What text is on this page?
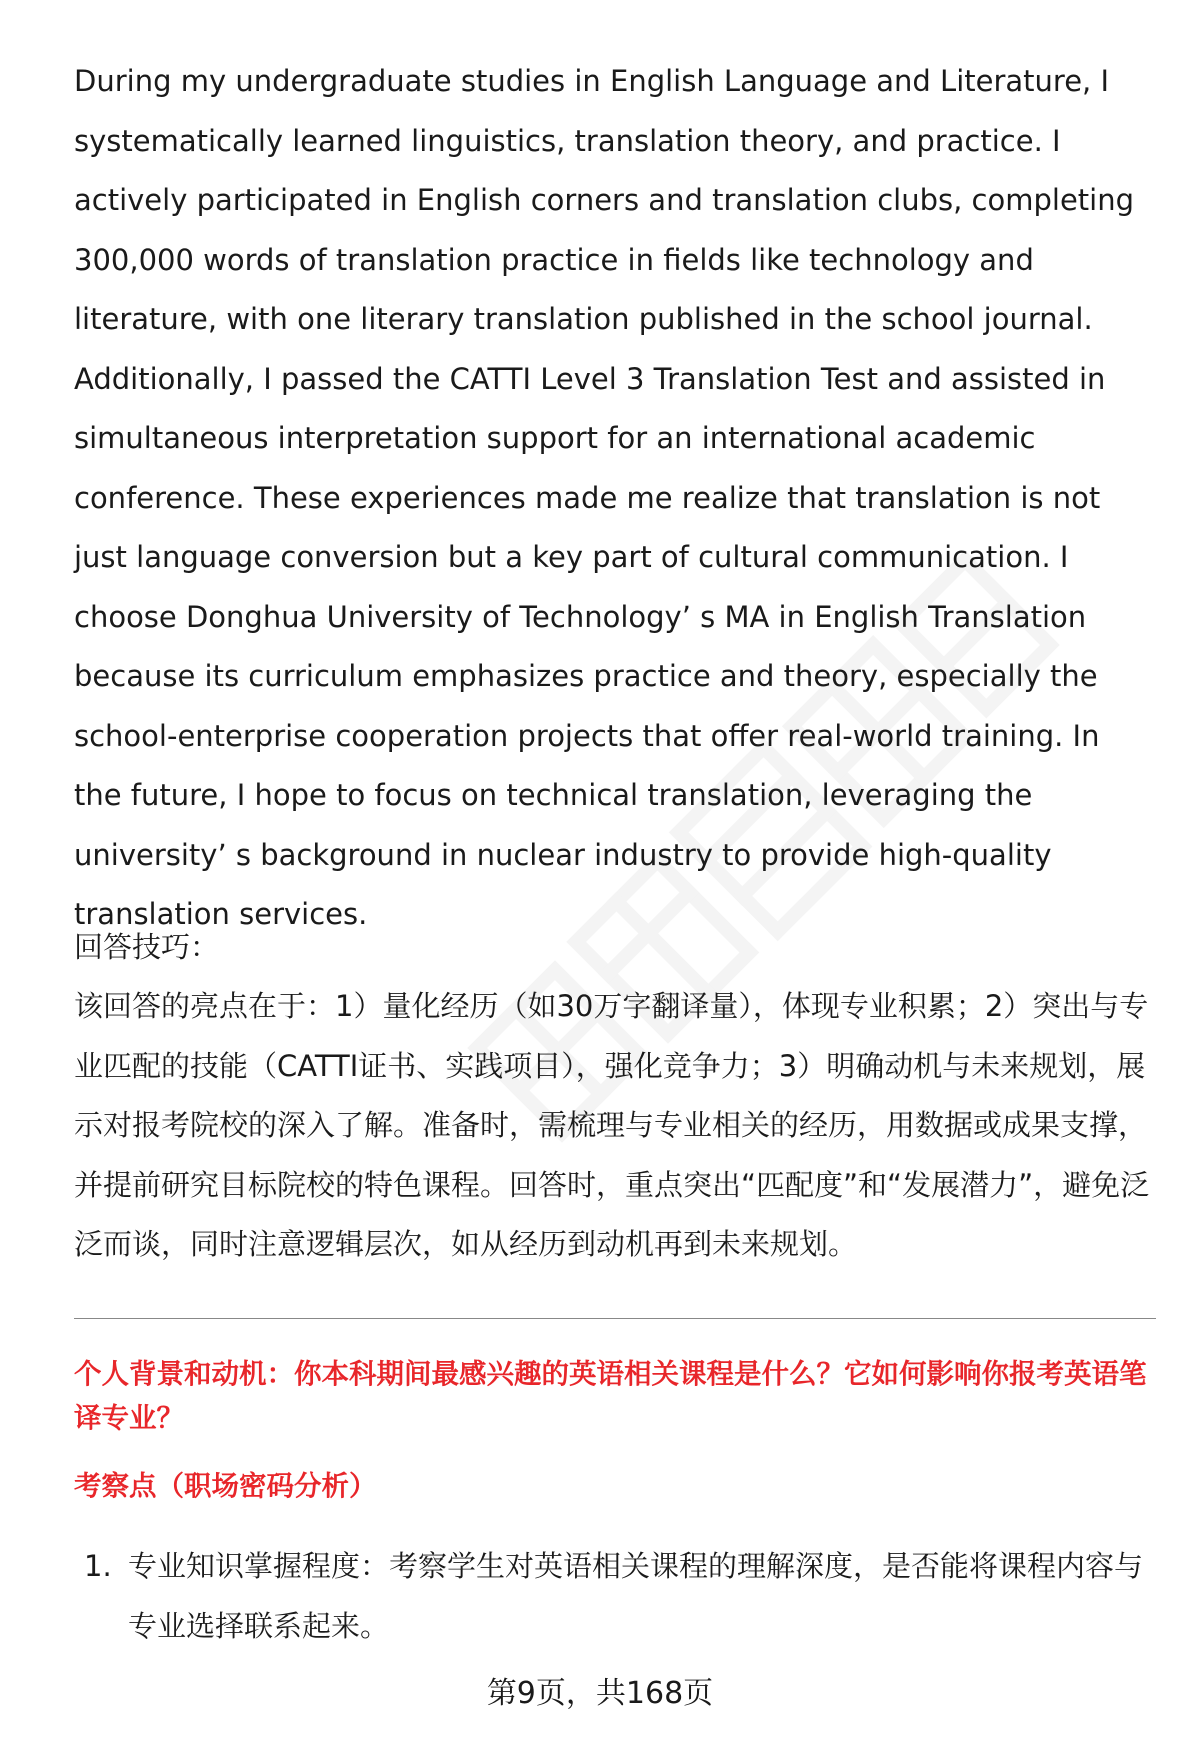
During my undergraduate studies in English Language and Literature, I systematically learned linguistics, translation theory, and practice. I actively participated in English corners and translation clubs, completing 300,000 words of translation practice in fields like technology and literature, with one literary translation published in the school journal. Additionally, I passed the CATTI Level 3 Translation Test and assisted in simultaneous interpretation support for an international academic conference. These experiences made me realize that translation is not just language conversion but a key part of cultural communication. I choose Donghua University of Technology’ s MA in English Translation because its curriculum emphasizes practice and theory, especially the school-enterprise cooperation projects that offer real-world training. In the future, I hope to focus on technical translation, leveraging the university’ s background in nuclear industry to provide high-quality translation services.

回答技巧：

该回答的亮点在于：1）量化经历（如30万字翻译量），体现专业积累；2）突出与专业匹配的技能（CATTI证书、实践项目），强化竞争力；3）明确动机与未来规划，展示对报考院校的深入了解。准备时，需梳理与专业相关的经历，用数据或成果支撑，并提前研究目标院校的特色课程。回答时，重点突出“匹配度”和“发展潜力”，避免泛泛而谈，同时注意逻辑层次，如从经历到动机再到未来规划。

个人背景和动机：你本科期间最感兴趣的英语相关课程是什么？它如何影响你报考英语笔译专业？

考察点（职场密码分析）

1. 专业知识掌握程度：考察学生对英语相关课程的理解深度，是否能将课程内容与专业选择联系起来。

第9页，共168页
